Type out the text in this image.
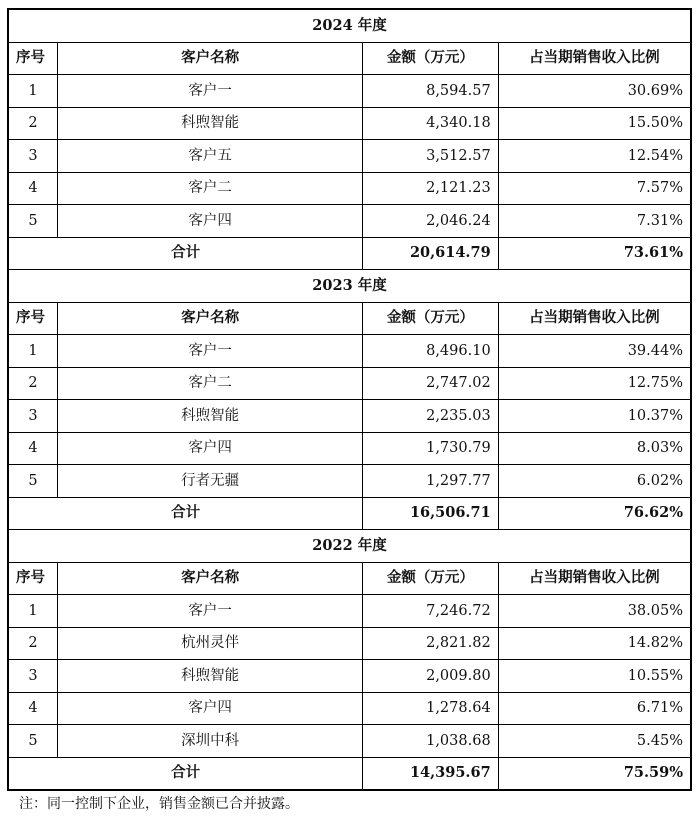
2024 年度			
序号	客户名称	金额（万元）	占当期销售收入比例
1	客户一	8,594.57	30.69%
2	科煦智能	4,340.18	15.50%
3	客户五	3,512.57	12.54%
4	客户二	2,121.23	7.57%
5	客户四	2,046.24	7.31%
合计		20,614.79	73.61%
2023 年度			
序号	客户名称	金额（万元）	占当期销售收入比例
1	客户一	8,496.10	39.44%
2	客户二	2,747.02	12.75%
3	科煦智能	2,235.03	10.37%
4	客户四	1,730.79	8.03%
5	行者无疆	1,297.77	6.02%
合计		16,506.71	76.62%
2022 年度			
序号	客户名称	金额（万元）	占当期销售收入比例
1	客户一	7,246.72	38.05%
2	杭州灵伴	2,821.82	14.82%
3	科煦智能	2,009.80	10.55%
4	客户四	1,278.64	6.71%
5	深圳中科	1,038.68	5.45%
合计		14,395.67	75.59%
注：同一控制下企业，销售金额已合并披露。
